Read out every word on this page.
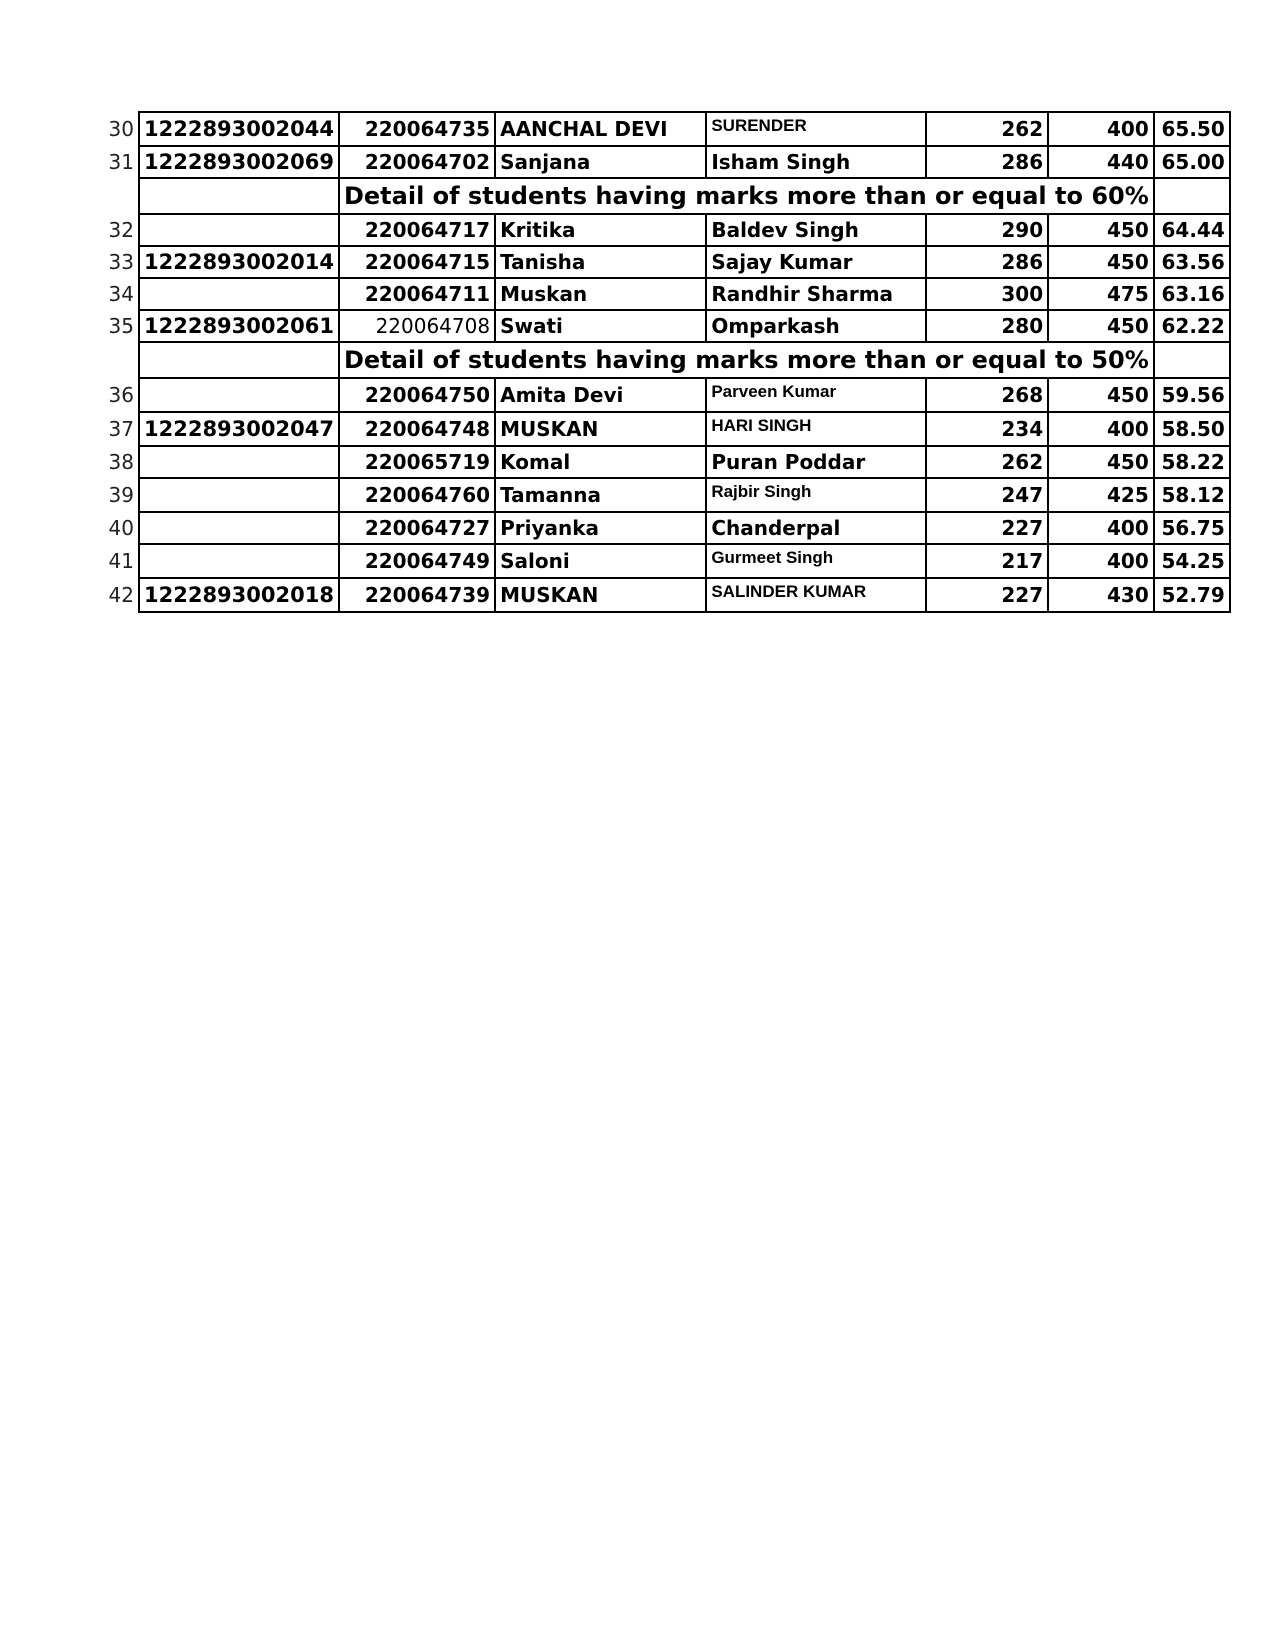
30	1222893002044	220064735	AANCHAL DEVI	SURENDER	262	400	65.50
31	1222893002069	220064702	Sanjana	Isham Singh	286	440	65.00
		Detail of students having marks more than or equal to 60%					
32		220064717	Kritika	Baldev Singh	290	450	64.44
33	1222893002014	220064715	Tanisha	Sajay Kumar	286	450	63.56
34		220064711	Muskan	Randhir Sharma	300	475	63.16
35	1222893002061	220064708	Swati	Omparkash	280	450	62.22
		Detail of students having marks more than or equal to 50%					
36		220064750	Amita Devi	Parveen Kumar	268	450	59.56
37	1222893002047	220064748	MUSKAN	HARI SINGH	234	400	58.50
38		220065719	Komal	Puran Poddar	262	450	58.22
39		220064760	Tamanna	Rajbir Singh	247	425	58.12
40		220064727	Priyanka	Chanderpal	227	400	56.75
41		220064749	Saloni	Gurmeet Singh	217	400	54.25
42	1222893002018	220064739	MUSKAN	SALINDER KUMAR	227	430	52.79
